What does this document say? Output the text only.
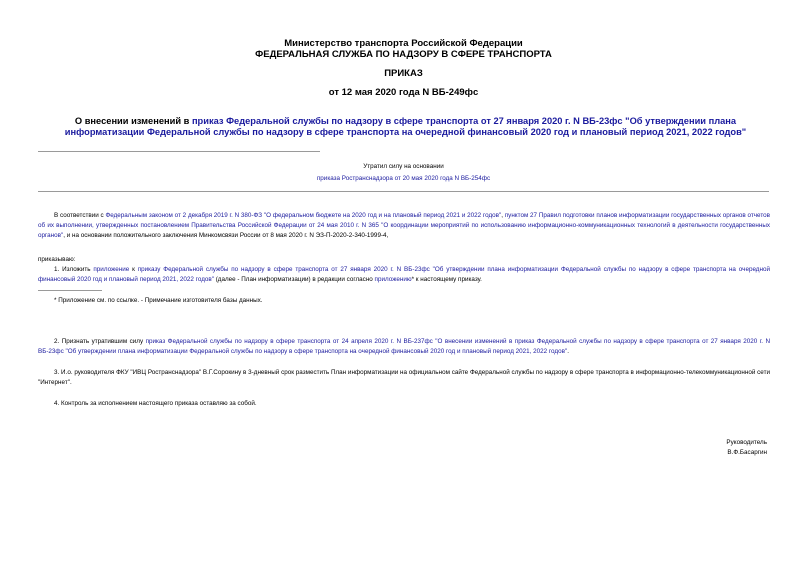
Министерство транспорта Российской Федерации
ФЕДЕРАЛЬНАЯ СЛУЖБА ПО НАДЗОРУ В СФЕРЕ ТРАНСПОРТА
ПРИКАЗ
от 12 мая 2020 года N ВБ-249фс
О внесении изменений в приказ Федеральной службы по надзору в сфере транспорта от 27 января 2020 г. N ВБ-23фс "Об утверждении плана информатизации Федеральной службы по надзору в сфере транспорта на очередной финансовый 2020 год и плановый период 2021, 2022 годов"
Утратил силу на основании
приказа Ространснадзора от 20 мая 2020 года N ВБ-254фс
В соответствии с Федеральным законом от 2 декабря 2019 г. N 380-ФЗ "О федеральном бюджете на 2020 год и на плановый период 2021 и 2022 годов", пунктом 27 Правил подготовки планов информатизации государственных органов отчетов об их выполнении, утвержденных постановлением Правительства Российской Федерации от 24 мая 2010 г. N 365 "О координации мероприятий по использованию информационно-коммуникационных технологий в деятельности государственных органов", и на основании положительного заключения Минкомсвязи России от 8 мая 2020 г. N ЭЗ-П-2020-2-340-1999-4,
приказываю:
1. Изложить приложение к приказу Федеральной службы по надзору в сфере транспорта от 27 января 2020 г. N ВБ-23фс "Об утверждении плана информатизации Федеральной службы по надзору в сфере транспорта на очередной финансовый 2020 год и плановый период 2021, 2022 годов" (далее - План информатизации) в редакции согласно приложению* к настоящему приказу.
* Приложение см. по ссылке. - Примечание изготовителя базы данных.
2. Признать утратившим силу приказ Федеральной службы по надзору в сфере транспорта от 24 апреля 2020 г. N ВБ-237фс "О внесении изменений в приказ Федеральной службы по надзору в сфере транспорта от 27 января 2020 г. N ВБ-23фс "Об утверждении плана информатизации Федеральной службы по надзору в сфере транспорта на очередной финансовый 2020 год и плановый период 2021, 2022 годов".
3. И.о. руководителя ФКУ "ИВЦ Ространснадзора" В.Г.Сорокину в 3-дневный срок разместить План информатизации на официальном сайте Федеральной службы по надзору в сфере транспорта в информационно-телекоммуникационной сети "Интернет".
4. Контроль за исполнением настоящего приказа оставляю за собой.
Руководитель
В.Ф.Басаргин
